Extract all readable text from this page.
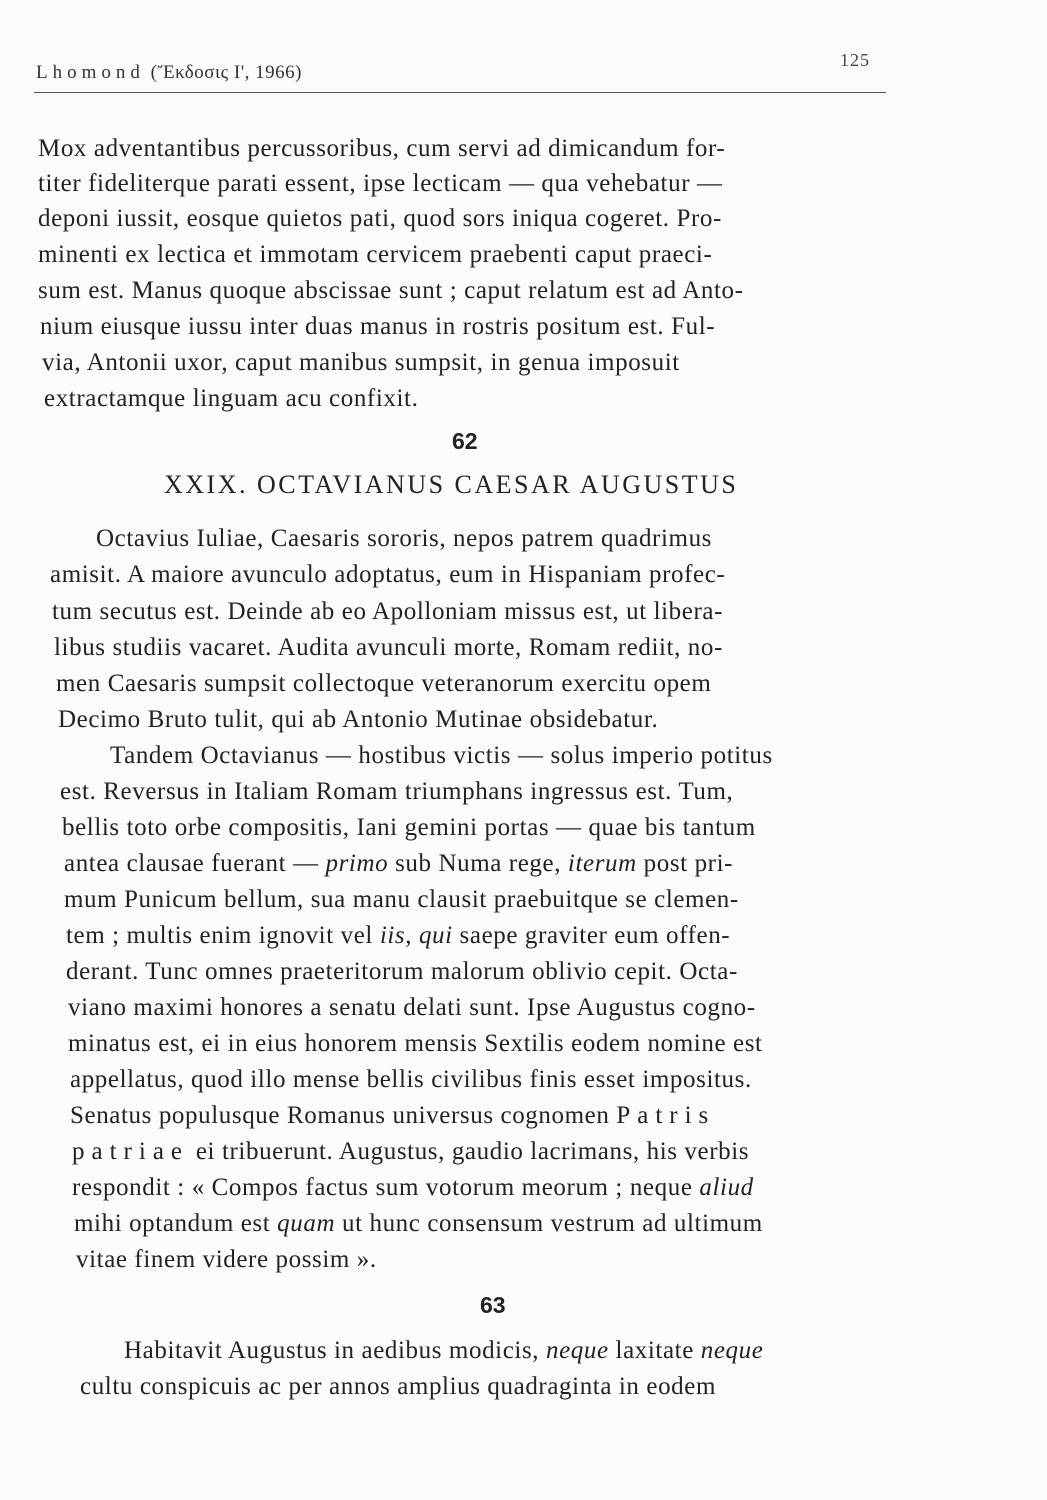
Lhomond (Ἔκδοσις Ι', 1966)
125
Mox adventantibus percussoribus, cum servi ad dimicandum for-
titer fideliterque parati essent, ipse lecticam — qua vehebatur —
deponi iussit, eosque quietos pati, quod sors iniqua cogeret. Pro-
minenti ex lectica et immotam cervicem praebenti caput praeci-
sum est. Manus quoque abscissae sunt ; caput relatum est ad Anto-
nium eiusque iussu inter duas manus in rostris positum est. Ful-
via, Antonii uxor, caput manibus sumpsit, in genua imposuit
extractamque linguam acu confixit.
62
XXIX. OCTAVIANUS CAESAR AUGUSTUS
Octavius Iuliae, Caesaris sororis, nepos patrem quadrimus
amisit. A maiore avunculo adoptatus, eum in Hispaniam profec-
tum secutus est. Deinde ab eo Apolloniam missus est, ut libera-
libus studiis vacaret. Audita avunculi morte, Romam rediit, no-
men Caesaris sumpsit collectoque veteranorum exercitu opem
Decimo Bruto tulit, qui ab Antonio Mutinae obsidebatur.
Tandem Octavianus — hostibus victis — solus imperio potitus
est. Reversus in Italiam Romam triumphans ingressus est. Tum,
bellis toto orbe compositis, Iani gemini portas — quae bis tantum
antea clausae fuerant — primo sub Numa rege, iterum post pri-
mum Punicum bellum, sua manu clausit praebuitque se clemen-
tem ; multis enim ignovit vel iis, qui saepe graviter eum offen-
derant. Tunc omnes praeteritorum malorum oblivio cepit. Octa-
viano maximi honores a senatu delati sunt. Ipse Augustus cogno-
minatus est, ei in eius honorem mensis Sextilis eodem nomine est
appellatus, quod illo mense bellis civilibus finis esset impositus.
Senatus populusque Romanus universus cognomen Patris
patriae ei tribuerunt. Augustus, gaudio lacrimans, his verbis
respondit : « Compos factus sum votorum meorum ; neque aliud
mihi optandum est quam ut hunc consensum vestrum ad ultimum
vitae finem videre possim ».
63
Habitavit Augustus in aedibus modicis, neque laxitate neque
cultu conspicuis ac per annos amplius quadraginta in eodem
